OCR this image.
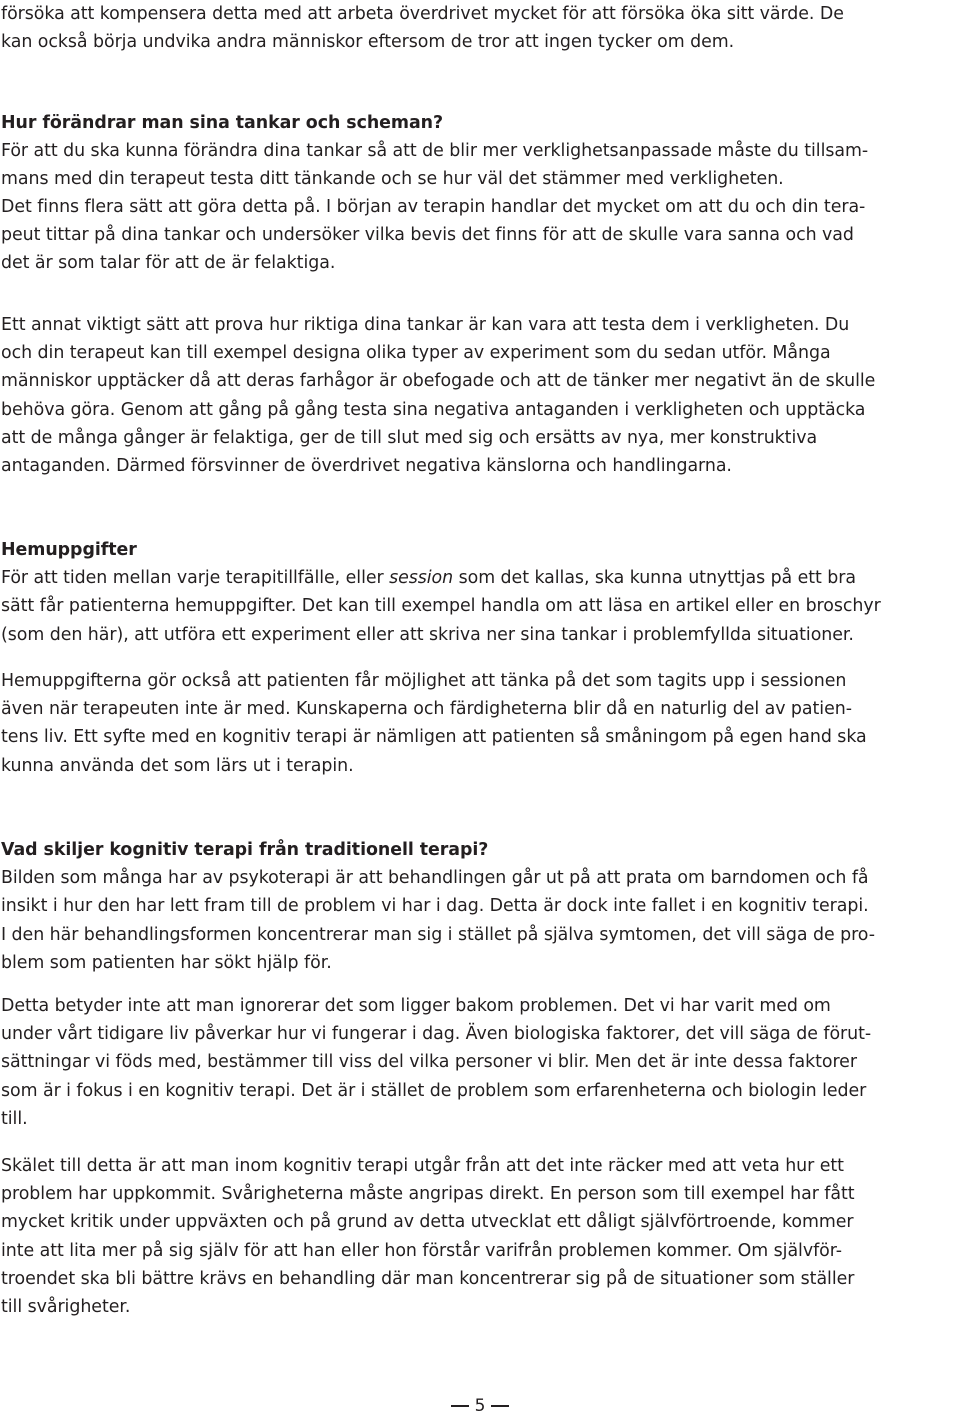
försöka att kompensera detta med att arbeta överdrivet mycket för att försöka öka sitt värde. De
kan också börja undvika andra människor eftersom de tror att ingen tycker om dem.
Hur förändrar man sina tankar och scheman?
För att du ska kunna förändra dina tankar så att de blir mer verklighetsanpassade måste du tillsam-
mans med din terapeut testa ditt tänkande och se hur väl det stämmer med verkligheten.
Det finns flera sätt att göra detta på. I början av terapin handlar det mycket om att du och din tera-
peut tittar på dina tankar och undersöker vilka bevis det finns för att de skulle vara sanna och vad
det är som talar för att de är felaktiga.
Ett annat viktigt sätt att prova hur riktiga dina tankar är kan vara att testa dem i verkligheten. Du
och din terapeut kan till exempel designa olika typer av experiment som du sedan utför. Många
människor upptäcker då att deras farhågor är obefogade och att de tänker mer negativt än de skulle
behöva göra. Genom att gång på gång testa sina negativa antaganden i verkligheten och upptäcka
att de många gånger är felaktiga, ger de till slut med sig och ersätts av nya, mer konstruktiva
antaganden. Därmed försvinner de överdrivet negativa känslorna och handlingarna.
Hemuppgifter
För att tiden mellan varje terapitillfälle, eller session som det kallas, ska kunna utnyttjas på ett bra
sätt får patienterna hemuppgifter. Det kan till exempel handla om att läsa en artikel eller en broschyr
(som den här), att utföra ett experiment eller att skriva ner sina tankar i problemfyllda situationer.
Hemuppgifterna gör också att patienten får möjlighet att tänka på det som tagits upp i sessionen
även när terapeuten inte är med. Kunskaperna och färdigheterna blir då en naturlig del av patien-
tens liv. Ett syfte med en kognitiv terapi är nämligen att patienten så småningom på egen hand ska
kunna använda det som lärs ut i terapin.
Vad skiljer kognitiv terapi från traditionell terapi?
Bilden som många har av psykoterapi är att behandlingen går ut på att prata om barndomen och få
insikt i hur den har lett fram till de problem vi har i dag. Detta är dock inte fallet i en kognitiv terapi.
I den här behandlingsformen koncentrerar man sig i stället på själva symtomen, det vill säga de pro-
blem som patienten har sökt hjälp för.
Detta betyder inte att man ignorerar det som ligger bakom problemen. Det vi har varit med om
under vårt tidigare liv påverkar hur vi fungerar i dag. Även biologiska faktorer, det vill säga de förut-
sättningar vi föds med, bestämmer till viss del vilka personer vi blir. Men det är inte dessa faktorer
som är i fokus i en kognitiv terapi. Det är i stället de problem som erfarenheterna och biologin leder
till.
Skälet till detta är att man inom kognitiv terapi utgår från att det inte räcker med att veta hur ett
problem har uppkommit. Svårigheterna måste angripas direkt. En person som till exempel har fått
mycket kritik under uppväxten och på grund av detta utvecklat ett dåligt självförtroende, kommer
inte att lita mer på sig själv för att han eller hon förstår varifrån problemen kommer. Om självför-
troendet ska bli bättre krävs en behandling där man koncentrerar sig på de situationer som ställer
till svårigheter.
5
